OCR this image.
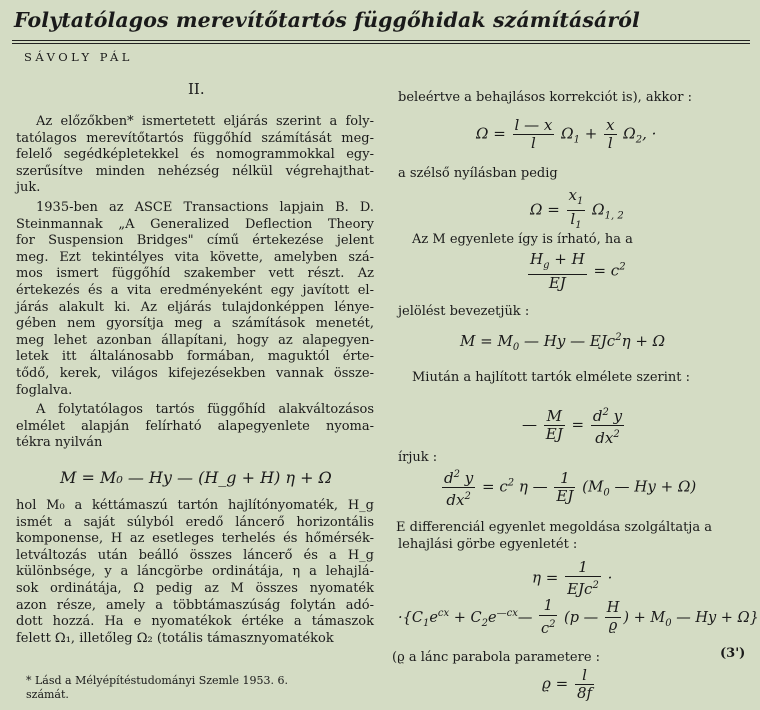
Folytatólagos merevítőtartós függőhidak számításáról
SÁVOLY PÁL
II.

Az előzőkben* ismertetett eljárás szerint a foly-

tatólagos merevítőtartós függőhíd számítását meg-

felelő segédképletekkel és nomogrammokkal egy-

szerűsítve minden nehézség nélkül végrehajthat-

juk.

1935-ben az ASCE Transactions lapjain B. D.

Steinmannak „A Generalized Deflection Theory

for Suspension Bridges" című értekezése jelent

meg. Ezt tekintélyes vita követte, amelyben szá-

mos ismert függőhíd szakember vett részt. Az

értekezés és a vita eredményeként egy javított el-

járás alakult ki. Az eljárás tulajdonképpen lénye-

gében nem gyorsítja meg a számítások menetét,

meg lehet azonban állapítani, hogy az alapegyen-

letek itt általánosabb formában, maguktól érte-

tődő, kerek, világos kifejezésekben vannak össze-

foglalva.

A folytatólagos tartós függőhíd alakváltozásos

elmélet alapján felírható alapegyenlete nyoma-

tékra nyilván

M = M₀ — Hy — (H_g + H) η + Ω

hol M₀ a kéttámaszú tartón hajlítónyomaték, H_g

ismét a saját súlyból eredő láncerő horizontális

komponense, H az esetleges terhelés és hőmérsék-

letváltozás után beálló összes láncerő és a H_g

különbsége, y a láncgörbe ordinátája, η a lehajlá-

sok ordinátája, Ω pedig az M összes nyomaték

azon része, amely a többtámaszúság folytán adó-

dott hozzá. Ha e nyomatékok értéke a támaszok

felett Ω₁, illetőleg Ω₂ (totális támasznyomatékok

* Lásd a Mélyépítéstudományi Szemle 1953. 6.
számát.
beleértve a behajlásos korrekciót is), akkor :
$\Omega = \frac{l — x}{l} \Omega_1 + \frac{x}{l} \Omega_2$, ·
a szélső nyílásban pedig
$\Omega = \frac{x_1}{l_1} \Omega_{1, 2}$
Az M egyenlete így is írható, ha a
$\frac{H_g + H}{EJ} = c^2$
jelölést bevezetjük :
$M = M_0$ — Hy — EJc$^2$η + Ω
Miután a hajlított tartók elmélete szerint :
— $\frac{M}{EJ} = \frac{d^2 y}{dx^2}$
írjuk :
$\frac{d^2 y}{dx^2} = c^2$ η — $\frac{1}{EJ} (M_0$ — Hy + Ω)
E differenciál egyenlet megoldása szolgáltatja a
lehajlási görbe egyenletét :
$\eta = \frac{1}{EJc^2}$ ·
$\cdot\{C_1e^{cx}$ + $C_2e^{—cx}— \frac{1}{c^2} (p$ — $\frac{H}{ϱ}$ ) + $M_0$ — Hy + Ω}
(3')
(ϱ a lánc parabola parametere :
$ϱ = \frac{l}{8f}$
